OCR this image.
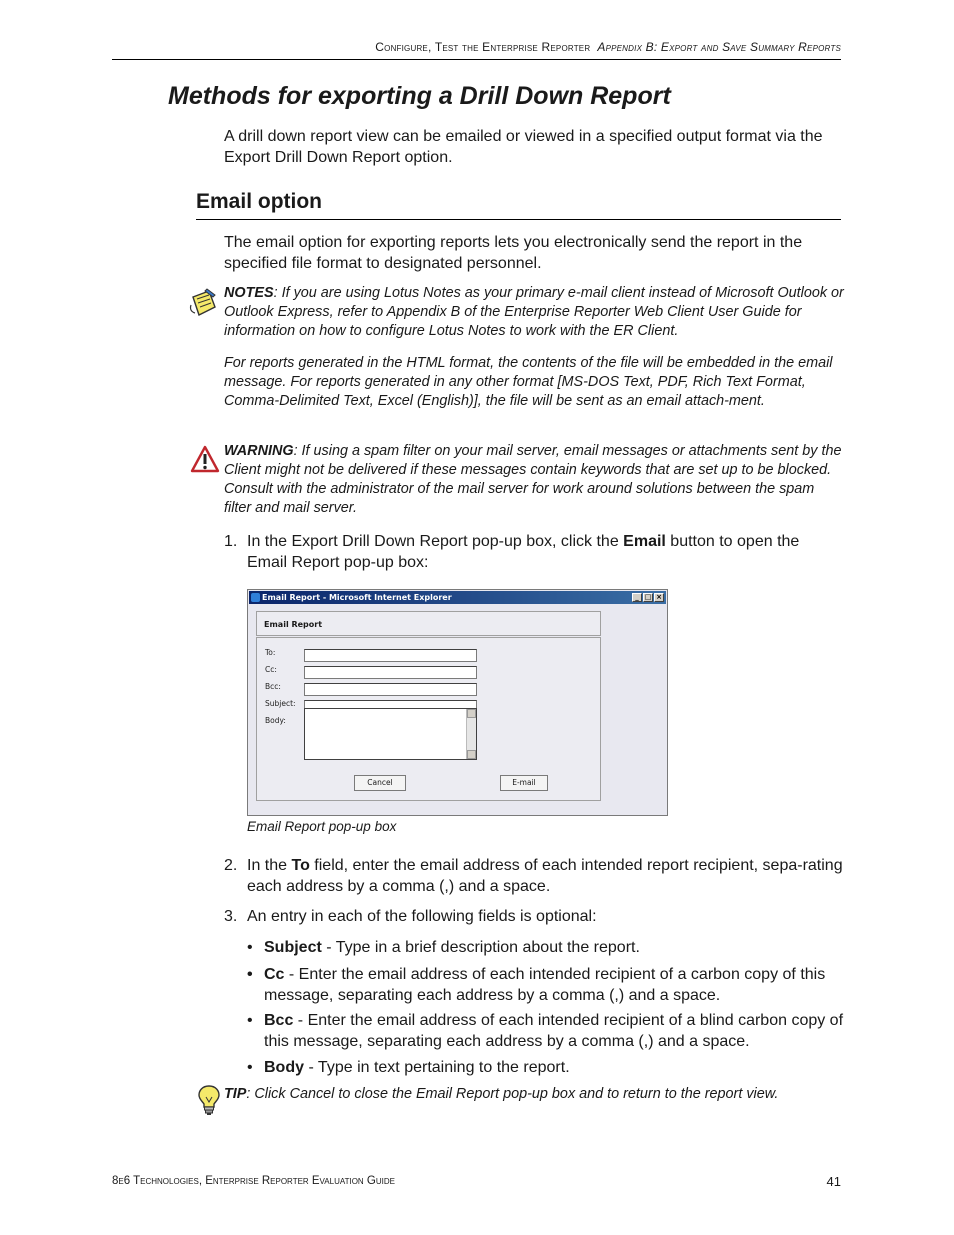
Configure, Test the Enterprise Reporter Appendix B: Export and Save Summary Reports
Methods for exporting a Drill Down Report
A drill down report view can be emailed or viewed in a specified output format via the Export Drill Down Report option.
Email option
The email option for exporting reports lets you electronically send the report in the specified file format to designated personnel.
NOTES: If you are using Lotus Notes as your primary e-mail client instead of Microsoft Outlook or Outlook Express, refer to Appendix B of the Enterprise Reporter Web Client User Guide for information on how to configure Lotus Notes to work with the ER Client.
For reports generated in the HTML format, the contents of the file will be embedded in the email message. For reports generated in any other format [MS-DOS Text, PDF, Rich Text Format, Comma-Delimited Text, Excel (English)], the file will be sent as an email attach-ment.
WARNING: If using a spam filter on your mail server, email messages or attachments sent by the Client might not be delivered if these messages contain keywords that are set up to be blocked. Consult with the administrator of the mail server for work around solutions between the spam filter and mail server.
1. In the Export Drill Down Report pop-up box, click the Email button to open the Email Report pop-up box:
Email Report - Microsoft Internet Explorer	_ □ ×
Email Report
To:
Cc:
Bcc:
Subject:
Body:
Cancel	E-mail
Email Report pop-up box
2. In the To field, enter the email address of each intended report recipient, sepa-rating each address by a comma (,) and a space.
3. An entry in each of the following fields is optional:
• Subject - Type in a brief description about the report.
• Cc - Enter the email address of each intended recipient of a carbon copy of this message, separating each address by a comma (,) and a space.
• Bcc - Enter the email address of each intended recipient of a blind carbon copy of this message, separating each address by a comma (,) and a space.
• Body - Type in text pertaining to the report.
TIP: Click Cancel to close the Email Report pop-up box and to return to the report view.
8e6 Technologies, Enterprise Reporter Evaluation Guide	41
